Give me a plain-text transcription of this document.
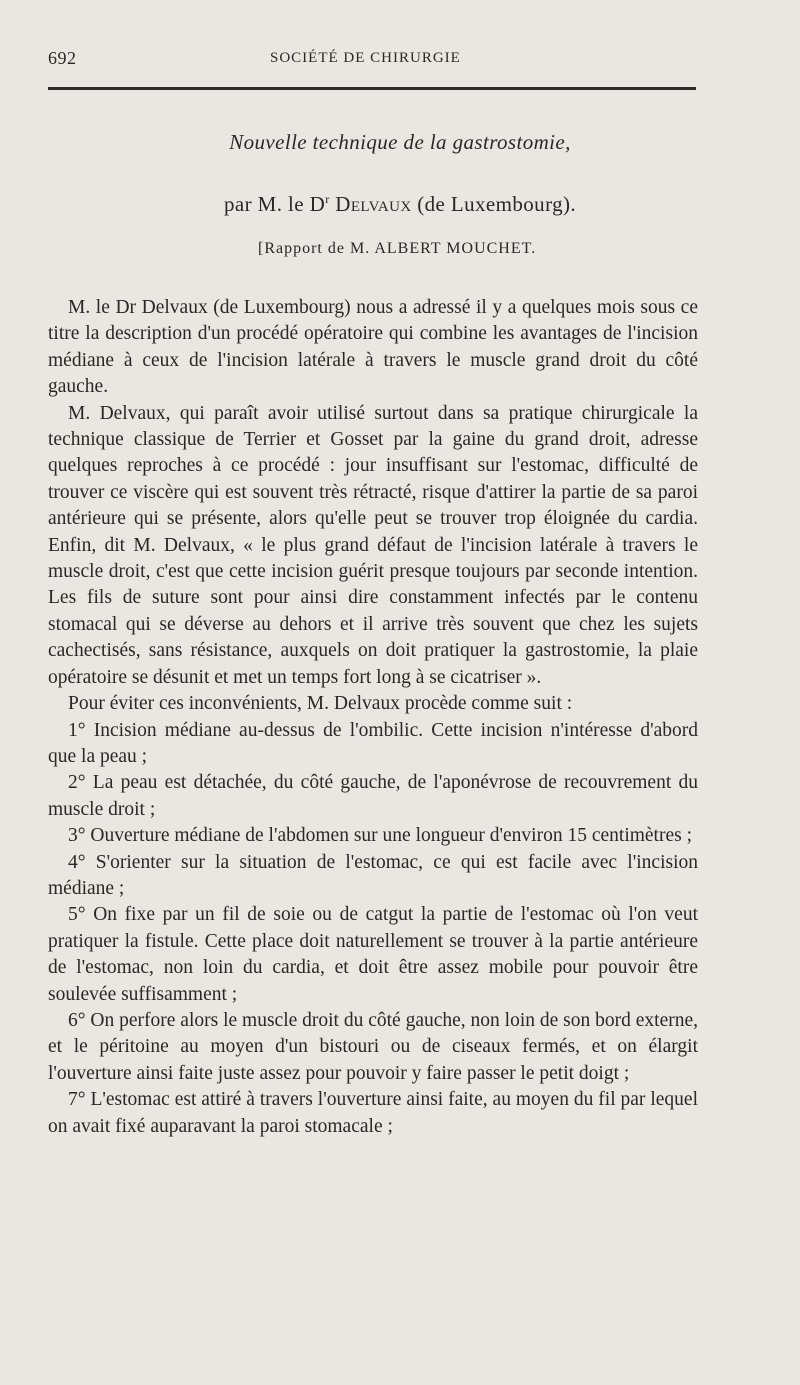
692	SOCIÉTÉ DE CHIRURGIE
Nouvelle technique de la gastrostomie,
par M. le $D^r$ Delvaux (de Luxembourg).
[Rapport de M. ALBERT MOUCHET.

M. le Dr Delvaux (de Luxembourg) nous a adressé il y a quelques mois sous ce titre la description d'un procédé opératoire qui combine les avantages de l'incision médiane à ceux de l'incision latérale à travers le muscle grand droit du côté gauche.

M. Delvaux, qui paraît avoir utilisé surtout dans sa pratique chirurgicale la technique classique de Terrier et Gosset par la gaine du grand droit, adresse quelques reproches à ce procédé : jour insuffisant sur l'estomac, difficulté de trouver ce viscère qui est souvent très rétracté, risque d'attirer la partie de sa paroi antérieure qui se présente, alors qu'elle peut se trouver trop éloignée du cardia. Enfin, dit M. Delvaux, « le plus grand défaut de l'incision latérale à travers le muscle droit, c'est que cette incision guérit presque toujours par seconde intention. Les fils de suture sont pour ainsi dire constamment infectés par le contenu stomacal qui se déverse au dehors et il arrive très souvent que chez les sujets cachectisés, sans résistance, auxquels on doit pratiquer la gastrostomie, la plaie opératoire se désunit et met un temps fort long à se cicatriser ».

Pour éviter ces inconvénients, M. Delvaux procède comme suit :

1° Incision médiane au-dessus de l'ombilic. Cette incision n'intéresse d'abord que la peau ;

2° La peau est détachée, du côté gauche, de l'aponévrose de recouvrement du muscle droit ;

3° Ouverture médiane de l'abdomen sur une longueur d'environ 15 centimètres ;

4° S'orienter sur la situation de l'estomac, ce qui est facile avec l'incision médiane ;

5° On fixe par un fil de soie ou de catgut la partie de l'estomac où l'on veut pratiquer la fistule. Cette place doit naturellement se trouver à la partie antérieure de l'estomac, non loin du cardia, et doit être assez mobile pour pouvoir être soulevée suffisamment ;

6° On perfore alors le muscle droit du côté gauche, non loin de son bord externe, et le péritoine au moyen d'un bistouri ou de ciseaux fermés, et on élargit l'ouverture ainsi faite juste assez pour pouvoir y faire passer le petit doigt ;

7° L'estomac est attiré à travers l'ouverture ainsi faite, au moyen du fil par lequel on avait fixé auparavant la paroi stomacale ;
